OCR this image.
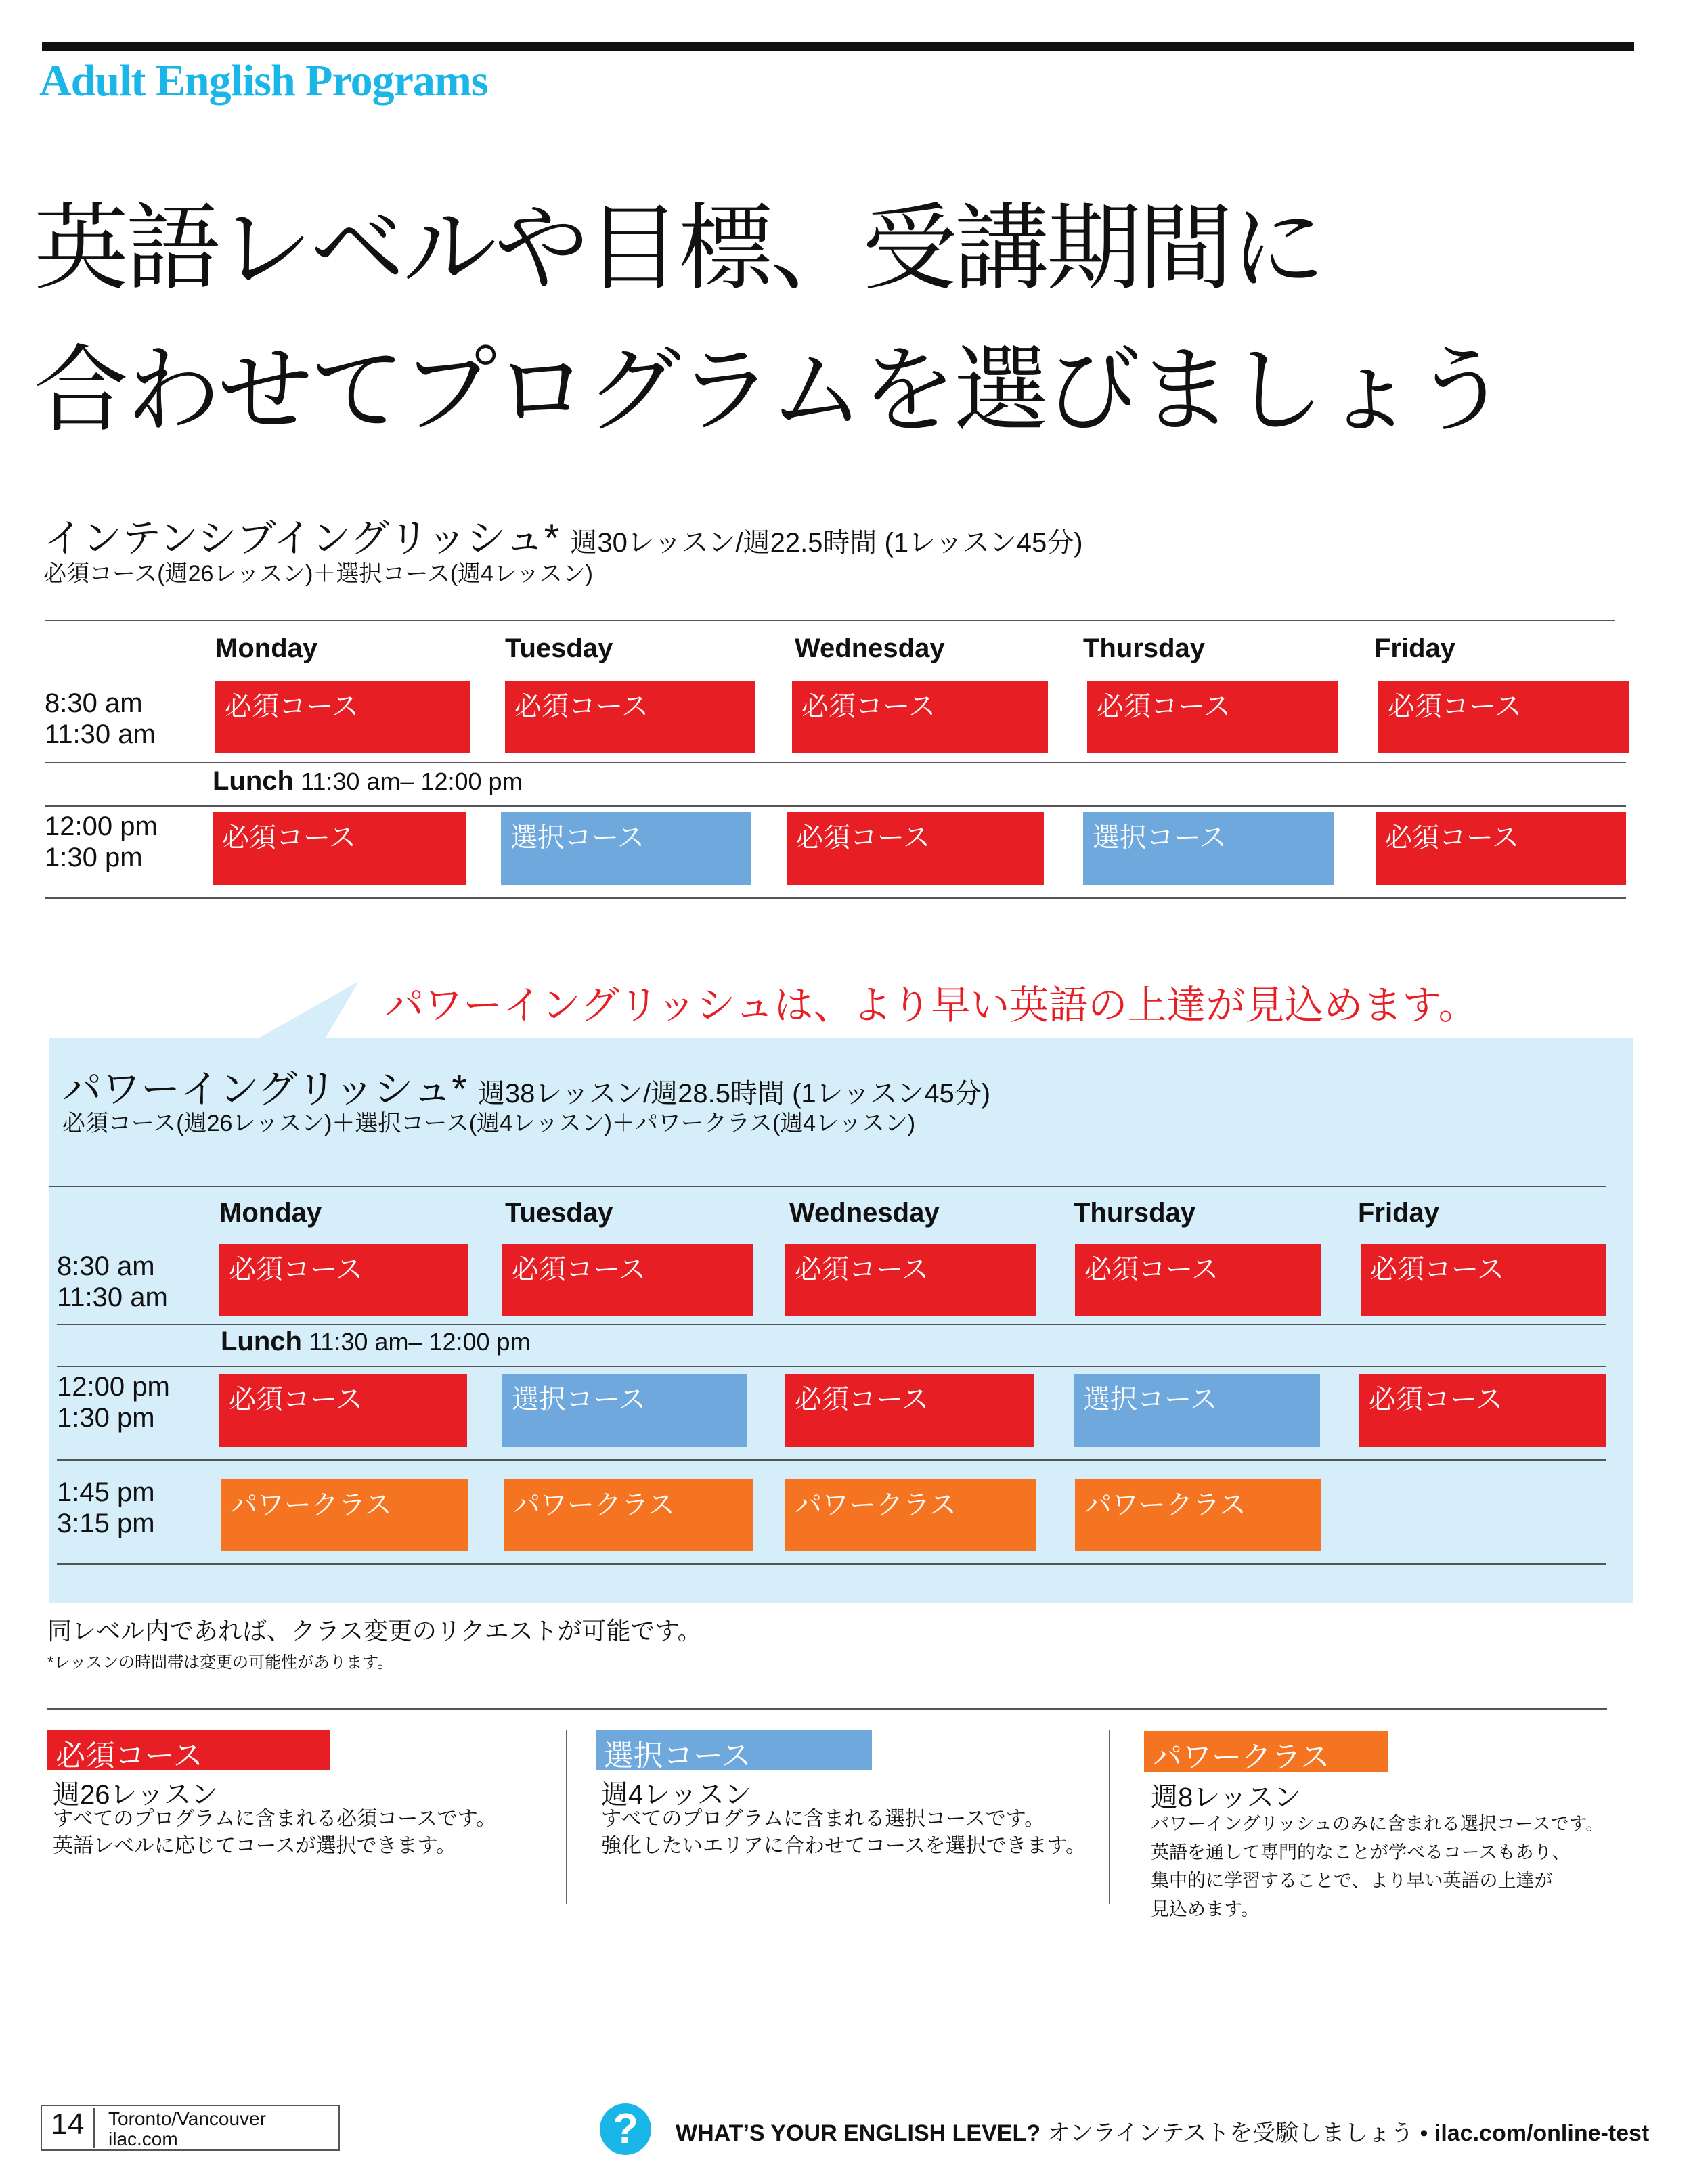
Adult English Programs
英語レベルや目標、受講期間に
合わせてプログラムを選びましょう
インテンシブイングリッシュ* 週30レッスン/週22.5時間 (1レッスン45分)
必須コース(週26レッスン)＋選択コース(週4レッスン)
Monday	Tuesday	Wednesday	Thursday	Friday
8:30 am
11:30 am
必須コース	必須コース	必須コース	必須コース	必須コース
Lunch 11:30 am– 12:00 pm
12:00 pm
1:30 pm
必須コース	選択コース	必須コース	選択コース	必須コース
パワーイングリッシュは、より早い英語の上達が見込めます。
パワーイングリッシュ* 週38レッスン/週28.5時間 (1レッスン45分)
必須コース(週26レッスン)＋選択コース(週4レッスン)＋パワークラス(週4レッスン)
Monday	Tuesday	Wednesday	Thursday	Friday
8:30 am
11:30 am
必須コース	必須コース	必須コース	必須コース	必須コース
Lunch 11:30 am– 12:00 pm
12:00 pm
1:30 pm
必須コース	選択コース	必須コース	選択コース	必須コース
1:45 pm
3:15 pm
パワークラス	パワークラス	パワークラス	パワークラス
同レベル内であれば、クラス変更のリクエストが可能です。
*レッスンの時間帯は変更の可能性があります。
必須コース
週26レッスン
すべてのプログラムに含まれる必須コースです。
英語レベルに応じてコースが選択できます。
選択コース
週4レッスン
すべてのプログラムに含まれる選択コースです。
強化したいエリアに合わせてコースを選択できます。
パワークラス
週8レッスン
パワーイングリッシュのみに含まれる選択コースです。
英語を通して専門的なことが学べるコースもあり、
集中的に学習することで、より早い英語の上達が
見込めます。
14	Toronto/Vancouver
ilac.com	?	WHAT’S YOUR ENGLISH LEVEL? オンラインテストを受験しましょう • ilac.com/online-test
